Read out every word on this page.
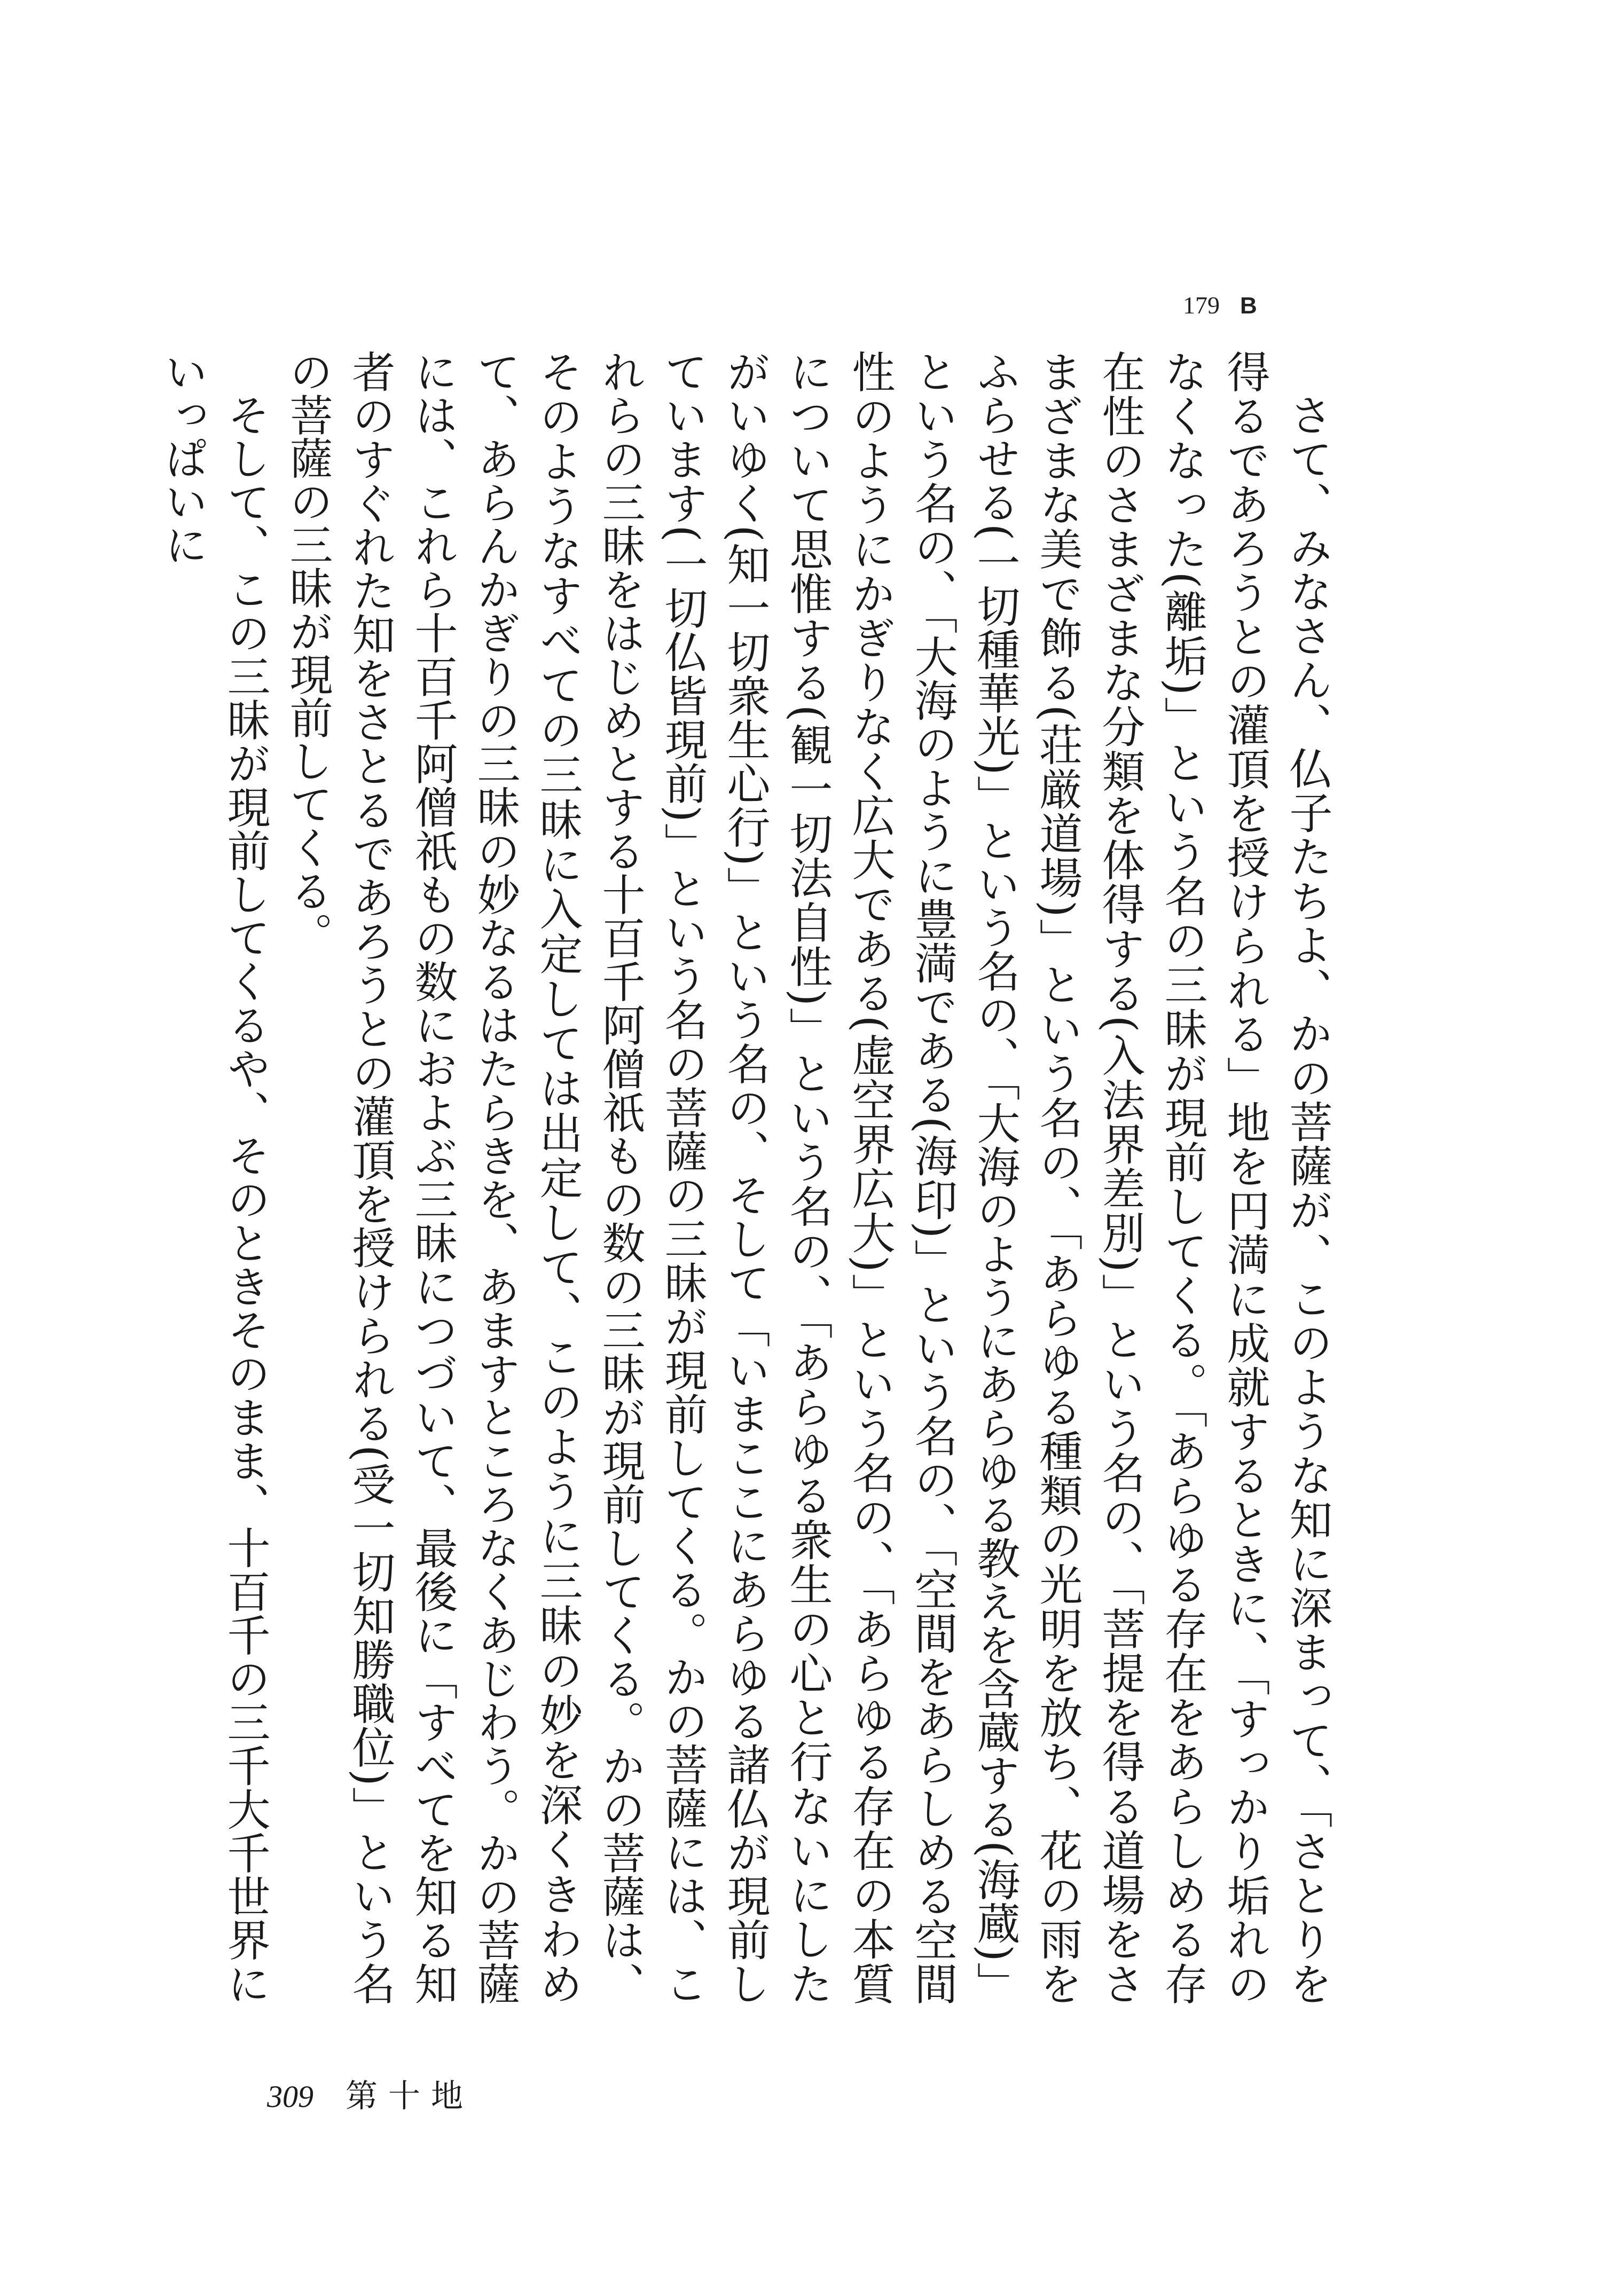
179 B

さて、みなさん、仏子たちよ、かの菩薩が、このような知に深まって、「さとりを得るであろうとの灌頂を授けられる」地を円満に成就するときに、「すっかり垢れのなくなった(離垢)」という名の三昧が現前してくる。「あらゆる存在をあらしめる存在性のさまざまな分類を体得する(入法界差別)」という名の、「菩提を得る道場をさまざまな美で飾る(荘厳道場)」という名の、「あらゆる種類の光明を放ち、花の雨をふらせる(一切種華光)」という名の、「大海のようにあらゆる教えを含蔵する(海蔵)」という名の、「大海のように豊満である(海印)」という名の、「空間をあらしめる空間性のようにかぎりなく広大である(虚空界広大)」という名の、「あらゆる存在の本質について思惟する(観一切法自性)」という名の、「あらゆる衆生の心と行ないにしたがいゆく(知一切衆生心行)」という名の、そして「いまここにあらゆる諸仏が現前しています(一切仏皆現前)」という名の菩薩の三昧が現前してくる。かの菩薩には、これらの三昧をはじめとする十百千阿僧祇もの数の三昧が現前してくる。かの菩薩は、そのようなすべての三昧に入定しては出定して、このように三昧の妙を深くきわめて、あらんかぎりの三昧の妙なるはたらきを、あますところなくあじわう。かの菩薩には、これら十百千阿僧祇もの数におよぶ三昧につづいて、最後に「すべてを知る知者のすぐれた知をさとるであろうとの灌頂を授けられる(受一切知勝職位)」という名の菩薩の三昧が現前してくる。

そして、この三昧が現前してくるや、そのときそのまま、十百千の三千大千世界にいっぱいに

309 第十地
